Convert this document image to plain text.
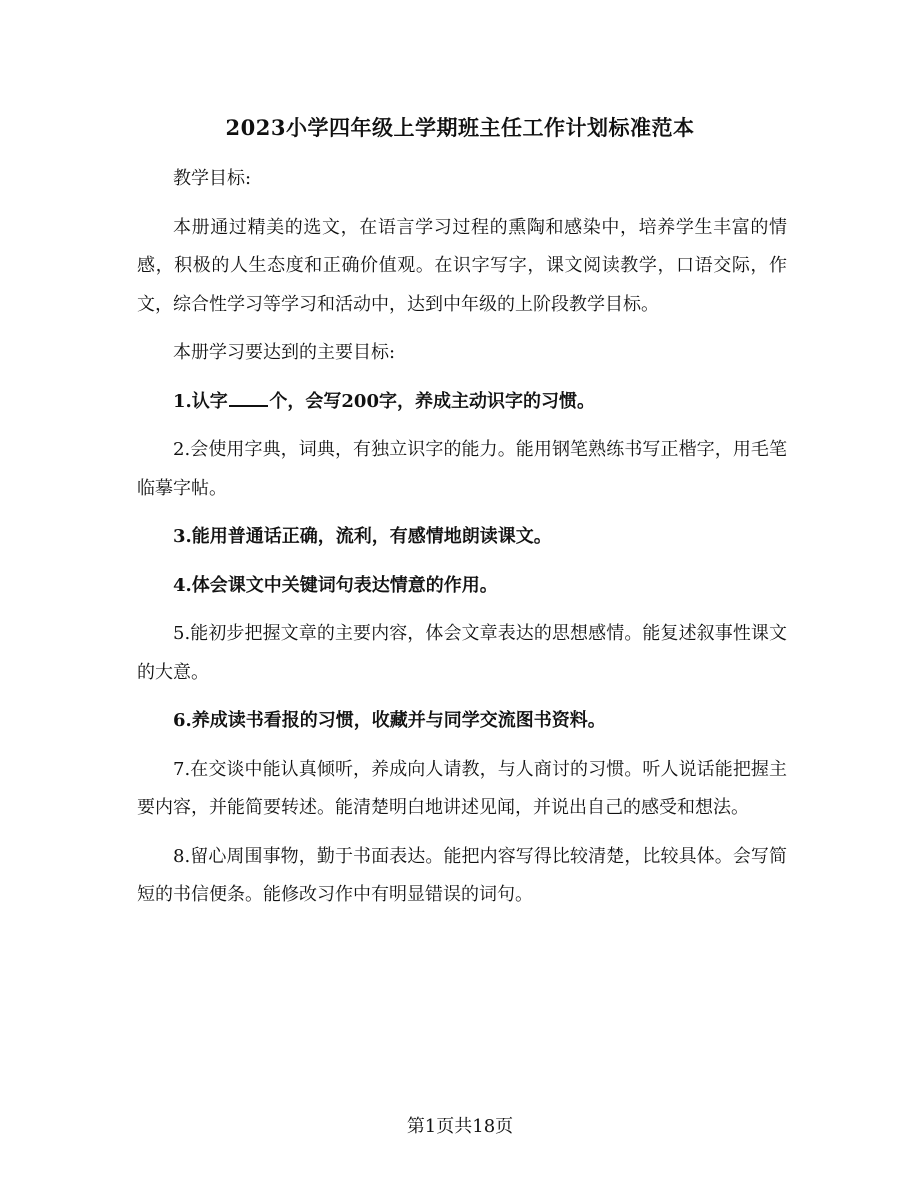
2023小学四年级上学期班主任工作计划标准范本

教学目标:

本册通过精美的选文，在语言学习过程的熏陶和感染中，培养学生丰富的情感，积极的人生态度和正确价值观。在识字写字，课文阅读教学，口语交际，作文，综合性学习等学习和活动中，达到中年级的上阶段教学目标。

本册学习要达到的主要目标:

1.认字 个，会写200字，养成主动识字的习惯。

2.会使用字典，词典，有独立识字的能力。能用钢笔熟练书写正楷字，用毛笔临摹字帖。

3.能用普通话正确，流利，有感情地朗读课文。

4.体会课文中关键词句表达情意的作用。

5.能初步把握文章的主要内容，体会文章表达的思想感情。能复述叙事性课文的大意。

6.养成读书看报的习惯，收藏并与同学交流图书资料。

7.在交谈中能认真倾听，养成向人请教，与人商讨的习惯。听人说话能把握主要内容，并能简要转述。能清楚明白地讲述见闻，并说出自己的感受和想法。

8.留心周围事物，勤于书面表达。能把内容写得比较清楚，比较具体。会写简短的书信便条。能修改习作中有明显错误的词句。

第1页共18页
